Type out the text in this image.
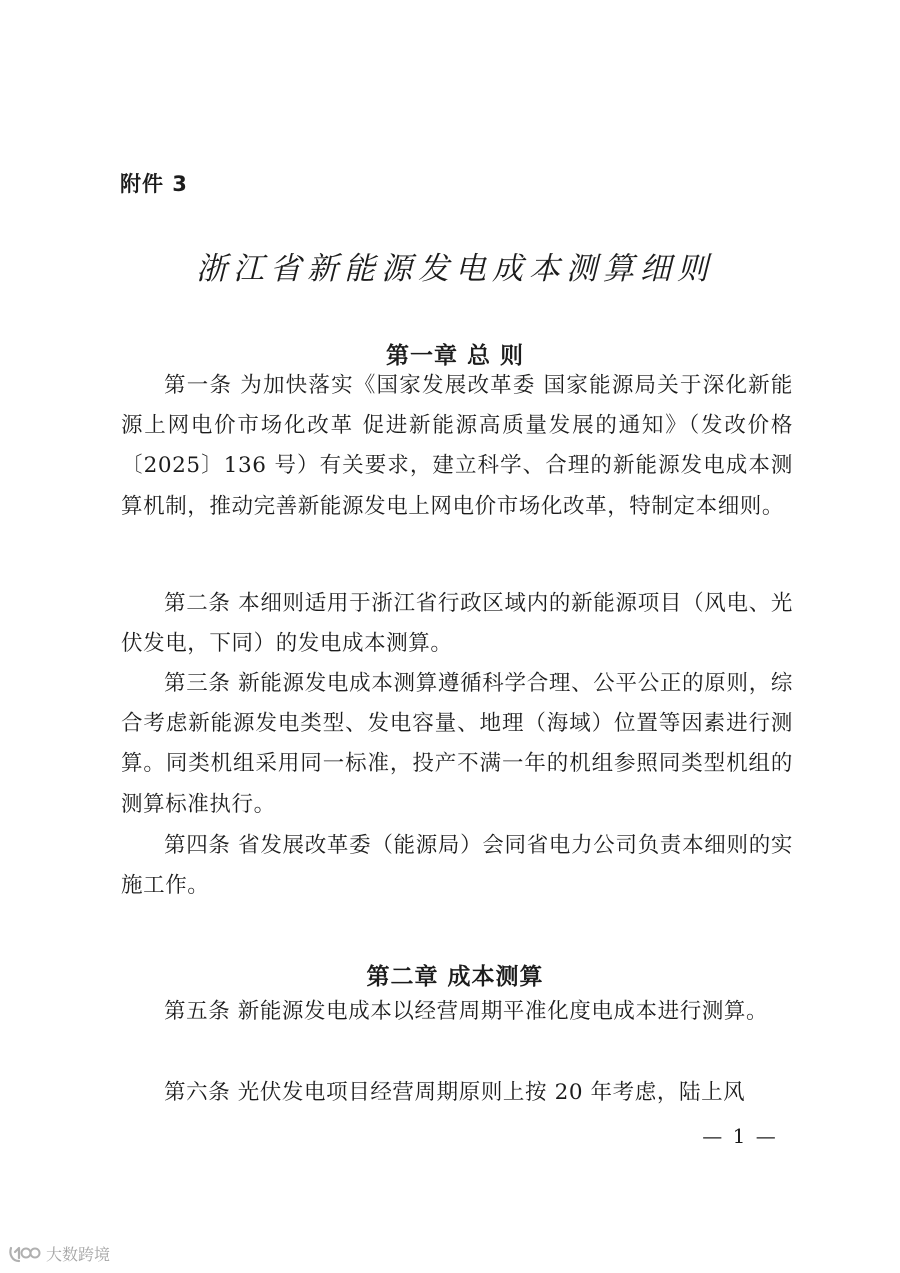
附件 3
浙江省新能源发电成本测算细则
第一章 总 则

第一条 为加快落实《国家发展改革委 国家能源局关于深化新能源上网电价市场化改革 促进新能源高质量发展的通知》（发改价格〔2025〕136 号）有关要求，建立科学、合理的新能源发电成本测算机制，推动完善新能源发电上网电价市场化改革，特制定本细则。

第二条 本细则适用于浙江省行政区域内的新能源项目（风电、光伏发电，下同）的发电成本测算。

第三条 新能源发电成本测算遵循科学合理、公平公正的原则，综合考虑新能源发电类型、发电容量、地理（海域）位置等因素进行测算。同类机组采用同一标准，投产不满一年的机组参照同类型机组的测算标准执行。

第四条 省发展改革委（能源局）会同省电力公司负责本细则的实施工作。

第二章 成本测算

第五条 新能源发电成本以经营周期平准化度电成本进行测算。

第六条 光伏发电项目经营周期原则上按 20 年考虑，陆上风

— 1 —
大数跨境
